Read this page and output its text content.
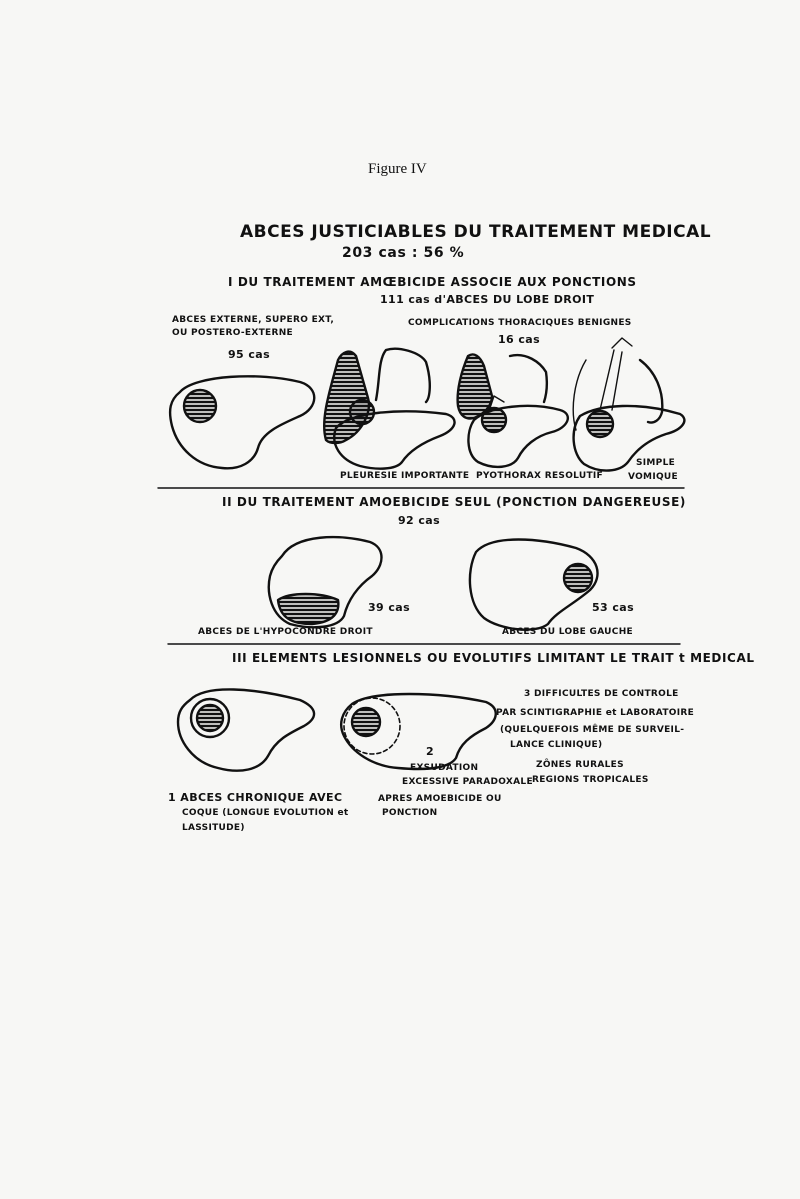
Figure IV
ABCES JUSTICIABLES DU TRAITEMENT MEDICAL
203 cas : 56 %
I DU TRAITEMENT AMŒBICIDE ASSOCIE AUX PONCTIONS
111 cas d'ABCES DU LOBE DROIT
ABCES EXTERNE, SUPERO EXT,
OU POSTERO-EXTERNE
95 cas
COMPLICATIONS THORACIQUES BENIGNES
16 cas
PLEURESIE IMPORTANTE PYOTHORAX RESOLUTIF
SIMPLE
VOMIQUE
II DU TRAITEMENT AMOEBICIDE SEUL (PONCTION DANGEREUSE)
92 cas
39 cas
ABCES DE L'HYPOCONDRE DROIT
53 cas
ABCES DU LOBE GAUCHE
III ELEMENTS LESIONNELS OU EVOLUTIFS LIMITANT LE TRAIT t MEDICAL
1 ABCES CHRONIQUE AVEC
COQUE (LONGUE EVOLUTION et
LASSITUDE)
2
EXSUDATION
EXCESSIVE PARADOXALE
APRES AMOEBICIDE OU
PONCTION
3 DIFFICULTES DE CONTROLE
PAR SCINTIGRAPHIE et LABORATOIRE
(QUELQUEFOIS MÊME DE SURVEIL-
LANCE CLINIQUE)
ZÔNES RURALES
REGIONS TROPICALES
